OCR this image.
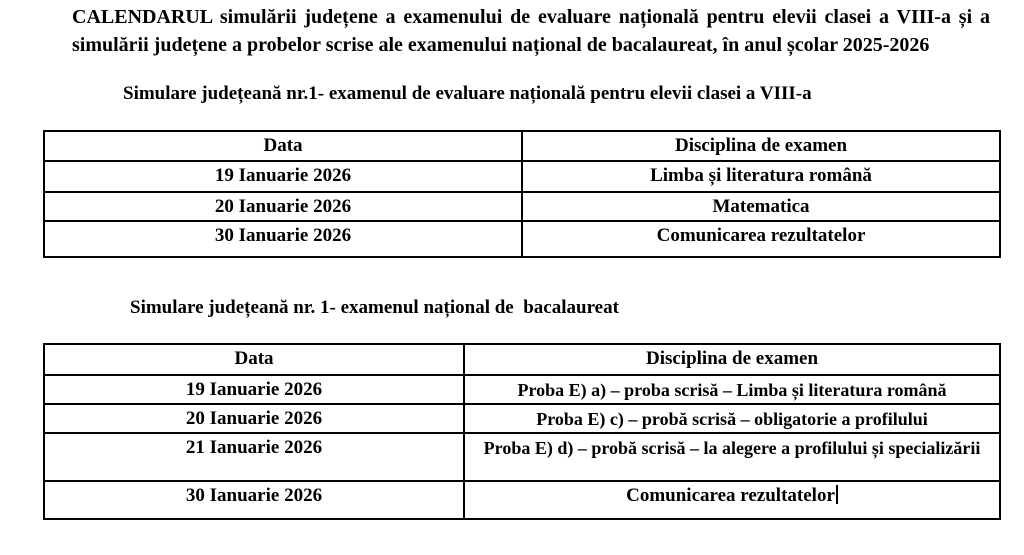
CALENDARUL simulării județene a examenului de evaluare națională pentru elevii clasei a VIII-a și a simulării județene a probelor scrise ale examenului național de bacalaureat, în anul școlar 2025-2026
Simulare județeană nr.1- examenul de evaluare națională pentru elevii clasei a VIII-a
Data	Disciplina de examen
19 Ianuarie 2026	Limba și literatura română
20 Ianuarie 2026	Matematica
30 Ianuarie 2026	Comunicarea rezultatelor
Simulare județeană nr. 1- examenul național de  bacalaureat
Data	Disciplina de examen
19 Ianuarie 2026	Proba E) a) – proba scrisă – Limba și literatura română
20 Ianuarie 2026	Proba E) c) – probă scrisă – obligatorie a profilului
21 Ianuarie 2026	Proba E) d) – probă scrisă – la alegere a profilului și specializării
30 Ianuarie 2026	Comunicarea rezultatelor
